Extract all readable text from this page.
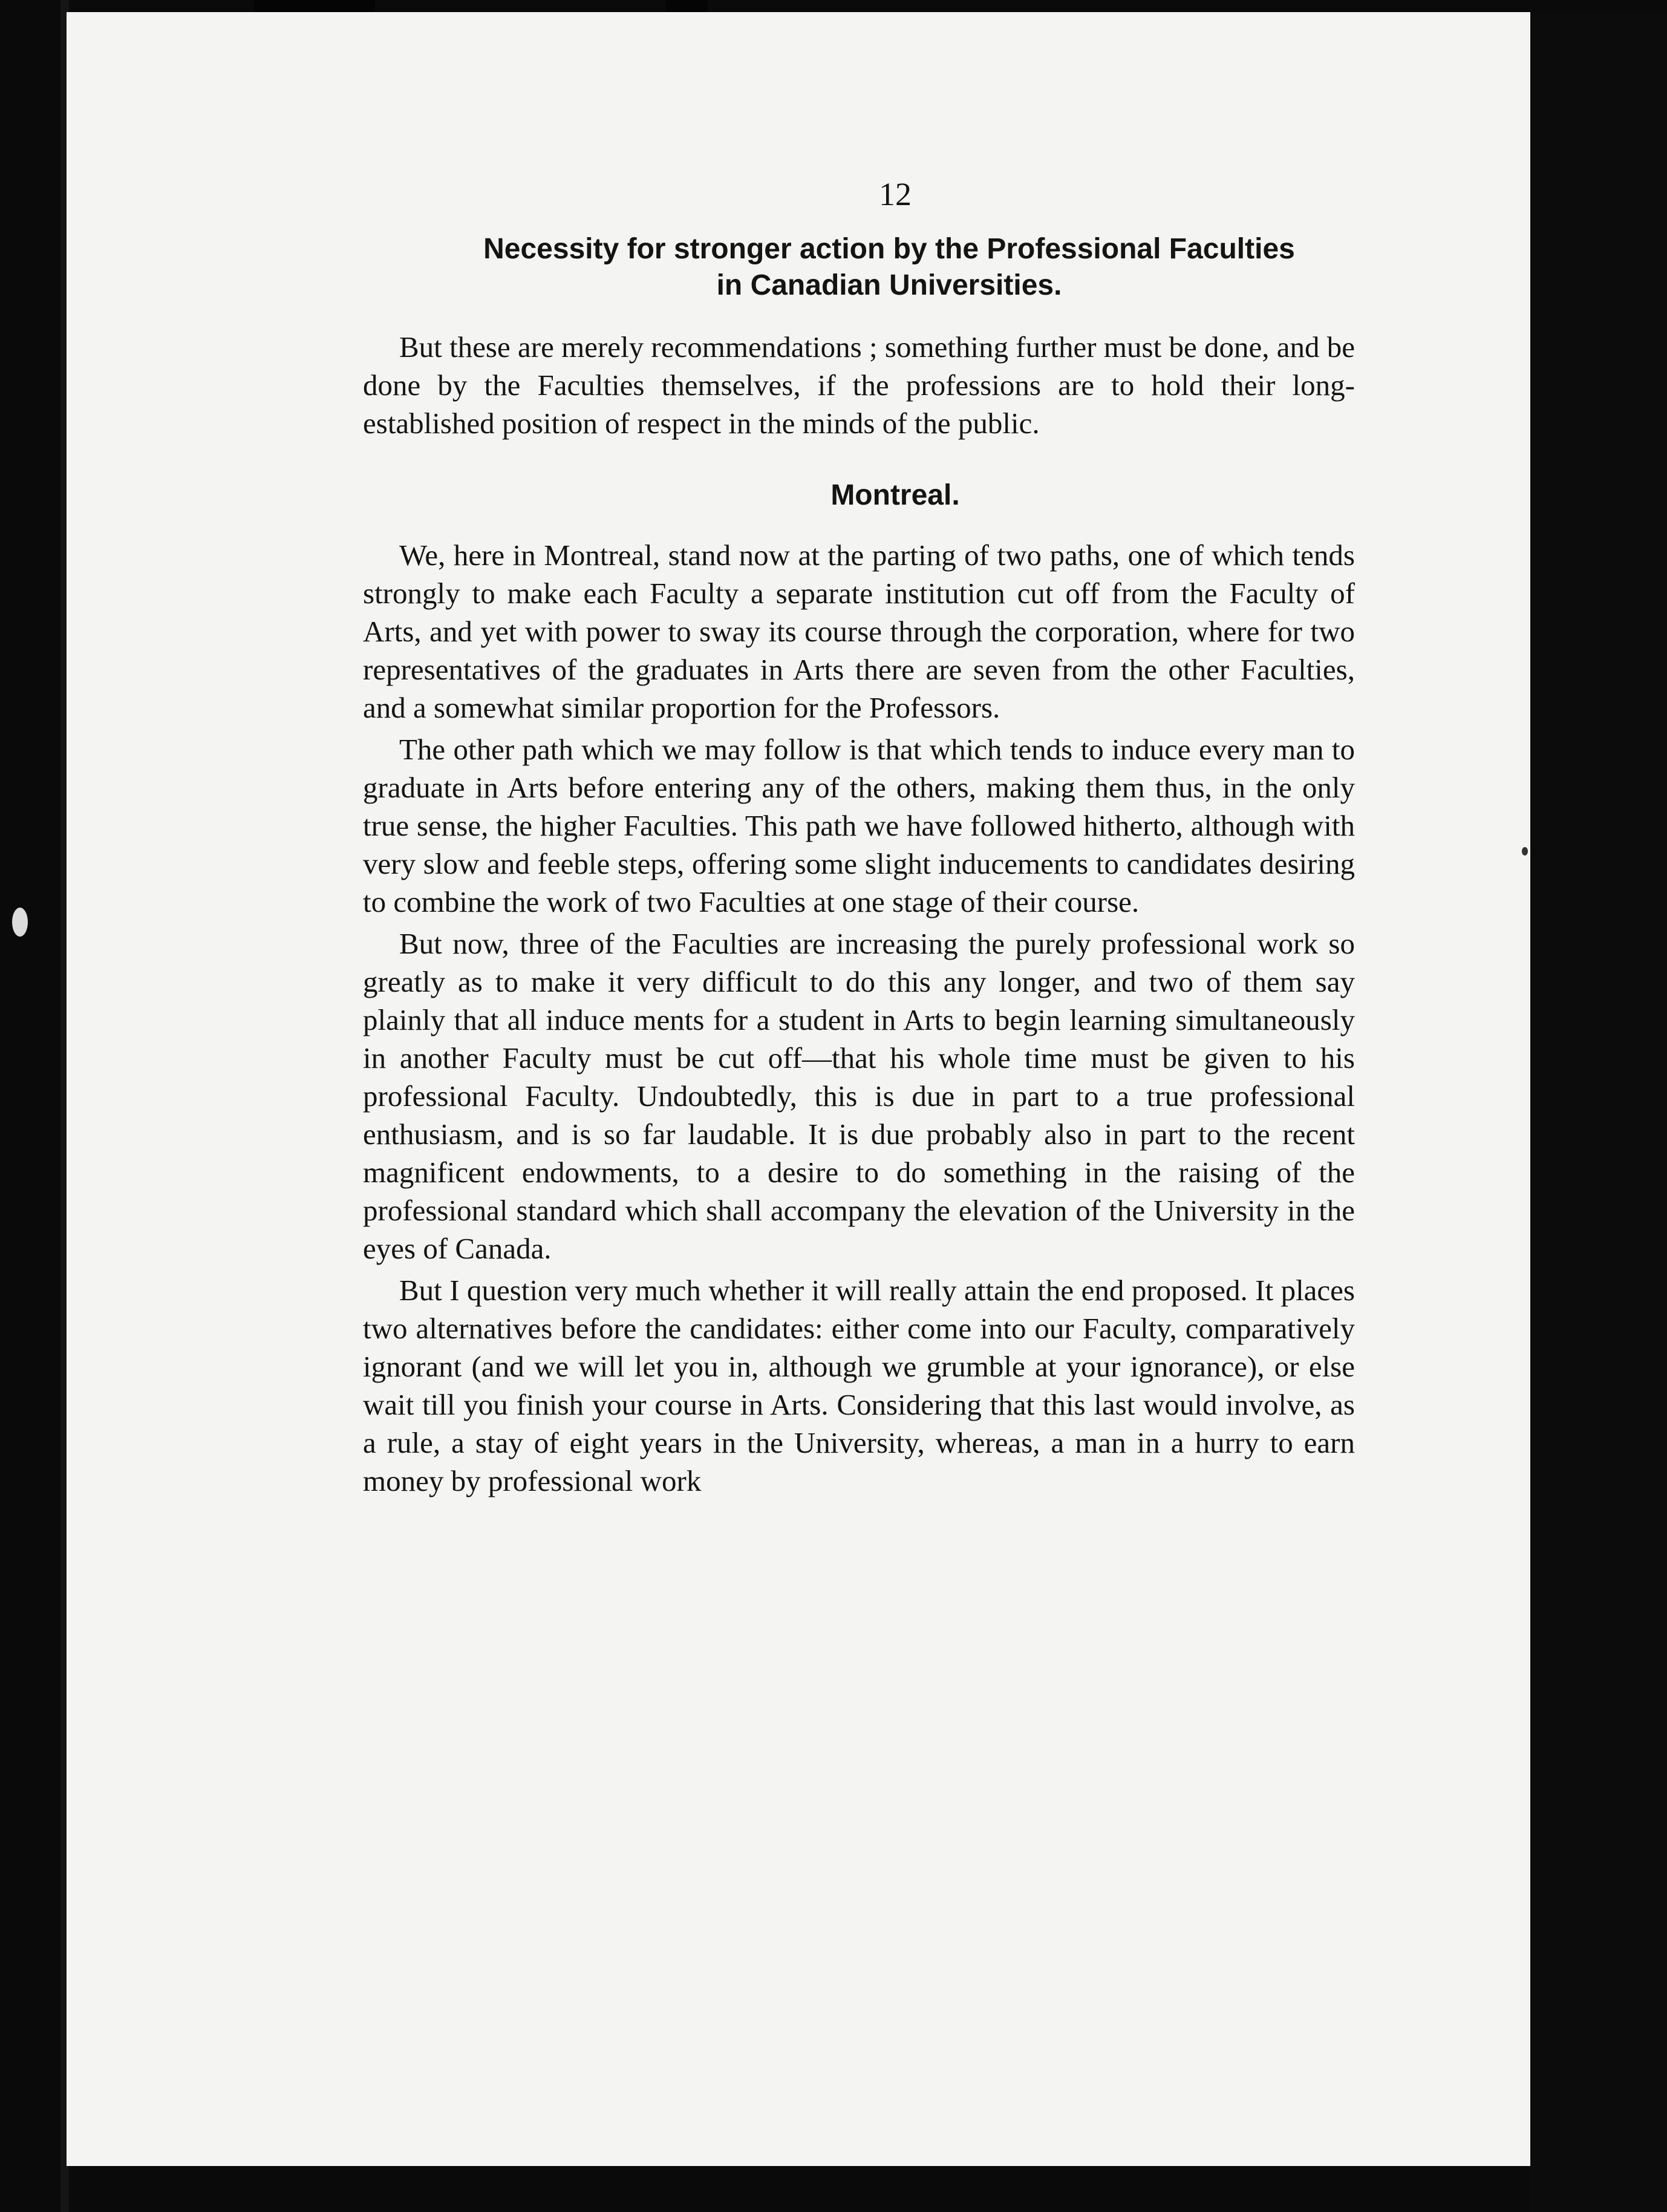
12
Necessity for stronger action by the Professional Faculties
in Canadian Universities.

But these are merely recommendations ; something further must be done, and be done by the Faculties themselves, if the professions are to hold their long-established position of respect in the minds of the public.

Montreal.

We, here in Montreal, stand now at the parting of two paths, one of which tends strongly to make each Faculty a separate institution cut off from the Faculty of Arts, and yet with power to sway its course through the corporation, where for two representatives of the graduates in Arts there are seven from the other Faculties, and a somewhat similar proportion for the Professors.

The other path which we may follow is that which tends to induce every man to graduate in Arts before entering any of the others, making them thus, in the only true sense, the higher Faculties. This path we have followed hitherto, although with very slow and feeble steps, offering some slight inducements to candidates desiring to combine the work of two Faculties at one stage of their course.

But now, three of the Faculties are increasing the purely professional work so greatly as to make it very difficult to do this any longer, and two of them say plainly that all induce ments for a student in Arts to begin learning simultaneously in another Faculty must be cut off—that his whole time must be given to his professional Faculty. Undoubtedly, this is due in part to a true professional enthusiasm, and is so far laudable. It is due probably also in part to the recent magnificent endowments, to a desire to do something in the raising of the professional standard which shall accompany the elevation of the University in the eyes of Canada.

But I question very much whether it will really attain the end proposed. It places two alternatives before the candidates: either come into our Faculty, comparatively ignorant (and we will let you in, although we grumble at your ignorance), or else wait till you finish your course in Arts. Considering that this last would involve, as a rule, a stay of eight years in the University, whereas, a man in a hurry to earn money by professional work
